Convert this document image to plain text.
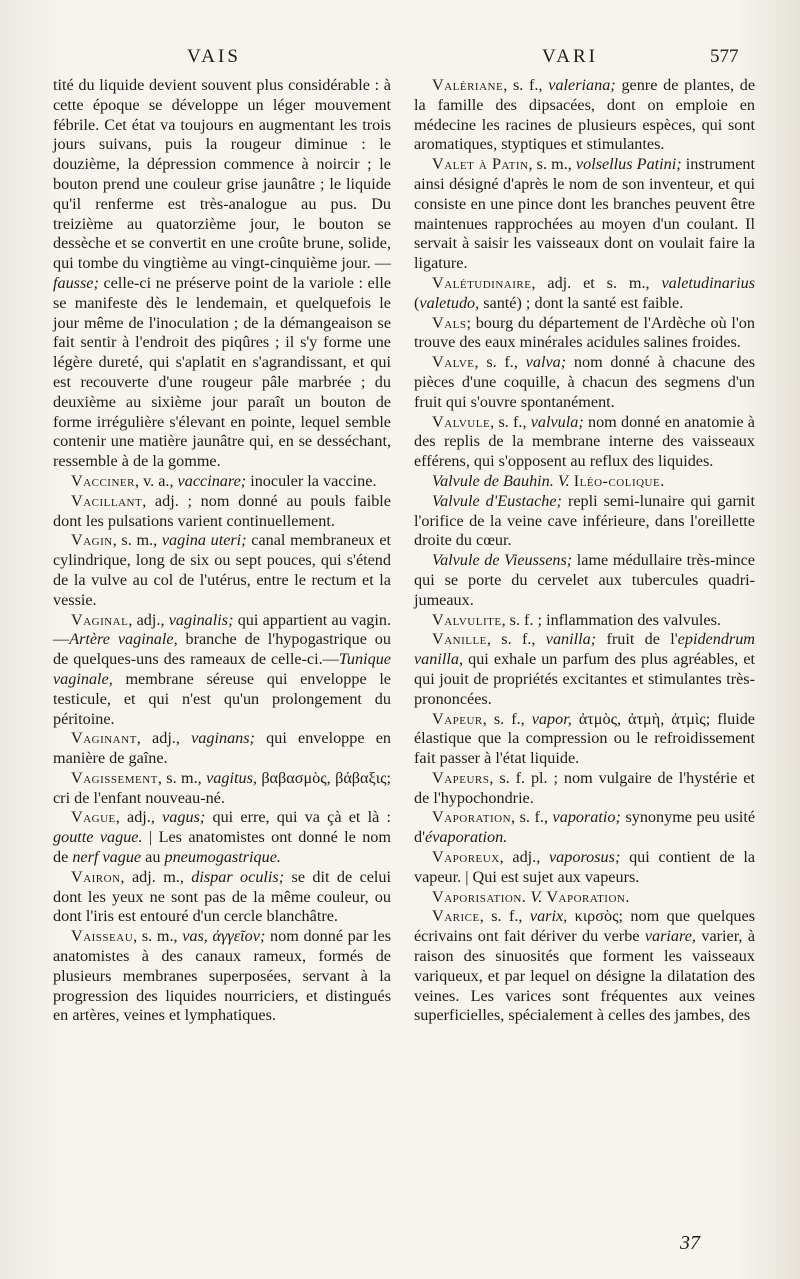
VAIS	VARI	577

tité du liquide devient souvent plus considérable : à cette époque se développe un léger mouvement fébrile. Cet état va toujours en augmentant les trois jours suivans, puis la rougeur diminue : le douzième, la dépression commence à noircir ; le bouton prend une couleur grise jaunâtre ; le liquide qu'il renferme est très-analogue au pus. Du treizième au quatorzième jour, le bouton se dessèche et se convertit en une croûte brune, solide, qui tombe du vingtième au vingt-cinquième jour. — fausse; celle-ci ne préserve point de la variole : elle se manifeste dès le lendemain, et quelquefois le jour même de l'inoculation ; de la démangeaison se fait sentir à l'endroit des piqûres ; il s'y forme une légère dureté, qui s'aplatit en s'agrandissant, et qui est recouverte d'une rougeur pâle marbrée ; du deuxième au sixième jour paraît un bouton de forme irrégulière s'élevant en pointe, lequel semble contenir une matière jaunâtre qui, en se desséchant, ressemble à de la gomme.

Vacciner, v. a., vaccinare; inoculer la vaccine.

Vacillant, adj. ; nom donné au pouls faible dont les pulsations varient continuellement.

Vagin, s. m., vagina uteri; canal membraneux et cylindrique, long de six ou sept pouces, qui s'étend de la vulve au col de l'utérus, entre le rectum et la vessie.

Vaginal, adj., vaginalis; qui appartient au vagin.—Artère vaginale, branche de l'hypogastrique ou de quelques-uns des rameaux de celle-ci.—Tunique vaginale, membrane séreuse qui enveloppe le testicule, et qui n'est qu'un prolongement du péritoine.

Vaginant, adj., vaginans; qui enveloppe en manière de gaîne.

Vagissement, s. m., vagitus, βαβασμὸς, βάβαξις; cri de l'enfant nouveau-né.

Vague, adj., vagus; qui erre, qui va çà et là : goutte vague. | Les anatomistes ont donné le nom de nerf vague au pneumogastrique.

Vairon, adj. m., dispar oculis; se dit de celui dont les yeux ne sont pas de la même couleur, ou dont l'iris est entouré d'un cercle blanchâtre.

Vaisseau, s. m., vas, ἀγγεῖον; nom donné par les anatomistes à des canaux rameux, formés de plusieurs membranes superposées, servant à la progression des liquides nourriciers, et distingués en artères, veines et lymphatiques.

Valériane, s. f., valeriana; genre de plantes, de la famille des dipsacées, dont on emploie en médecine les racines de plusieurs espèces, qui sont aromatiques, styptiques et stimulantes.

Valet à Patin, s. m., volsellus Patini; instrument ainsi désigné d'après le nom de son inventeur, et qui consiste en une pince dont les branches peuvent être maintenues rapprochées au moyen d'un coulant. Il servait à saisir les vaisseaux dont on voulait faire la ligature.

Valétudinaire, adj. et s. m., valetudinarius (valetudo, santé) ; dont la santé est faible.

Vals; bourg du département de l'Ardèche où l'on trouve des eaux minérales acidules salines froides.

Valve, s. f., valva; nom donné à chacune des pièces d'une coquille, à chacun des segmens d'un fruit qui s'ouvre spontanément.

Valvule, s. f., valvula; nom donné en anatomie à des replis de la membrane interne des vaisseaux efférens, qui s'opposent au reflux des liquides.

Valvule de Bauhin. V. Iléo-colique.

Valvule d'Eustache; repli semi-lunaire qui garnit l'orifice de la veine cave inférieure, dans l'oreillette droite du cœur.

Valvule de Vieussens; lame médullaire très-mince qui se porte du cervelet aux tubercules quadri-jumeaux.

Valvulite, s. f. ; inflammation des valvules.

Vanille, s. f., vanilla; fruit de l'epidendrum vanilla, qui exhale un parfum des plus agréables, et qui jouit de propriétés excitantes et stimulantes très-prononcées.

Vapeur, s. f., vapor, ἀτμὸς, ἀτμὴ, ἀτμὶς; fluide élastique que la compression ou le refroidissement fait passer à l'état liquide.

Vapeurs, s. f. pl. ; nom vulgaire de l'hystérie et de l'hypochondrie.

Vaporation, s. f., vaporatio; synonyme peu usité d'évaporation.

Vaporeux, adj., vaporosus; qui contient de la vapeur. | Qui est sujet aux vapeurs.

Vaporisation. V. Vaporation.

Varice, s. f., varix, κιρσὸς; nom que quelques écrivains ont fait dériver du verbe variare, varier, à raison des sinuosités que forment les vaisseaux variqueux, et par lequel on désigne la dilatation des veines. Les varices sont fréquentes aux veines superficielles, spécialement à celles des jambes, des

37
